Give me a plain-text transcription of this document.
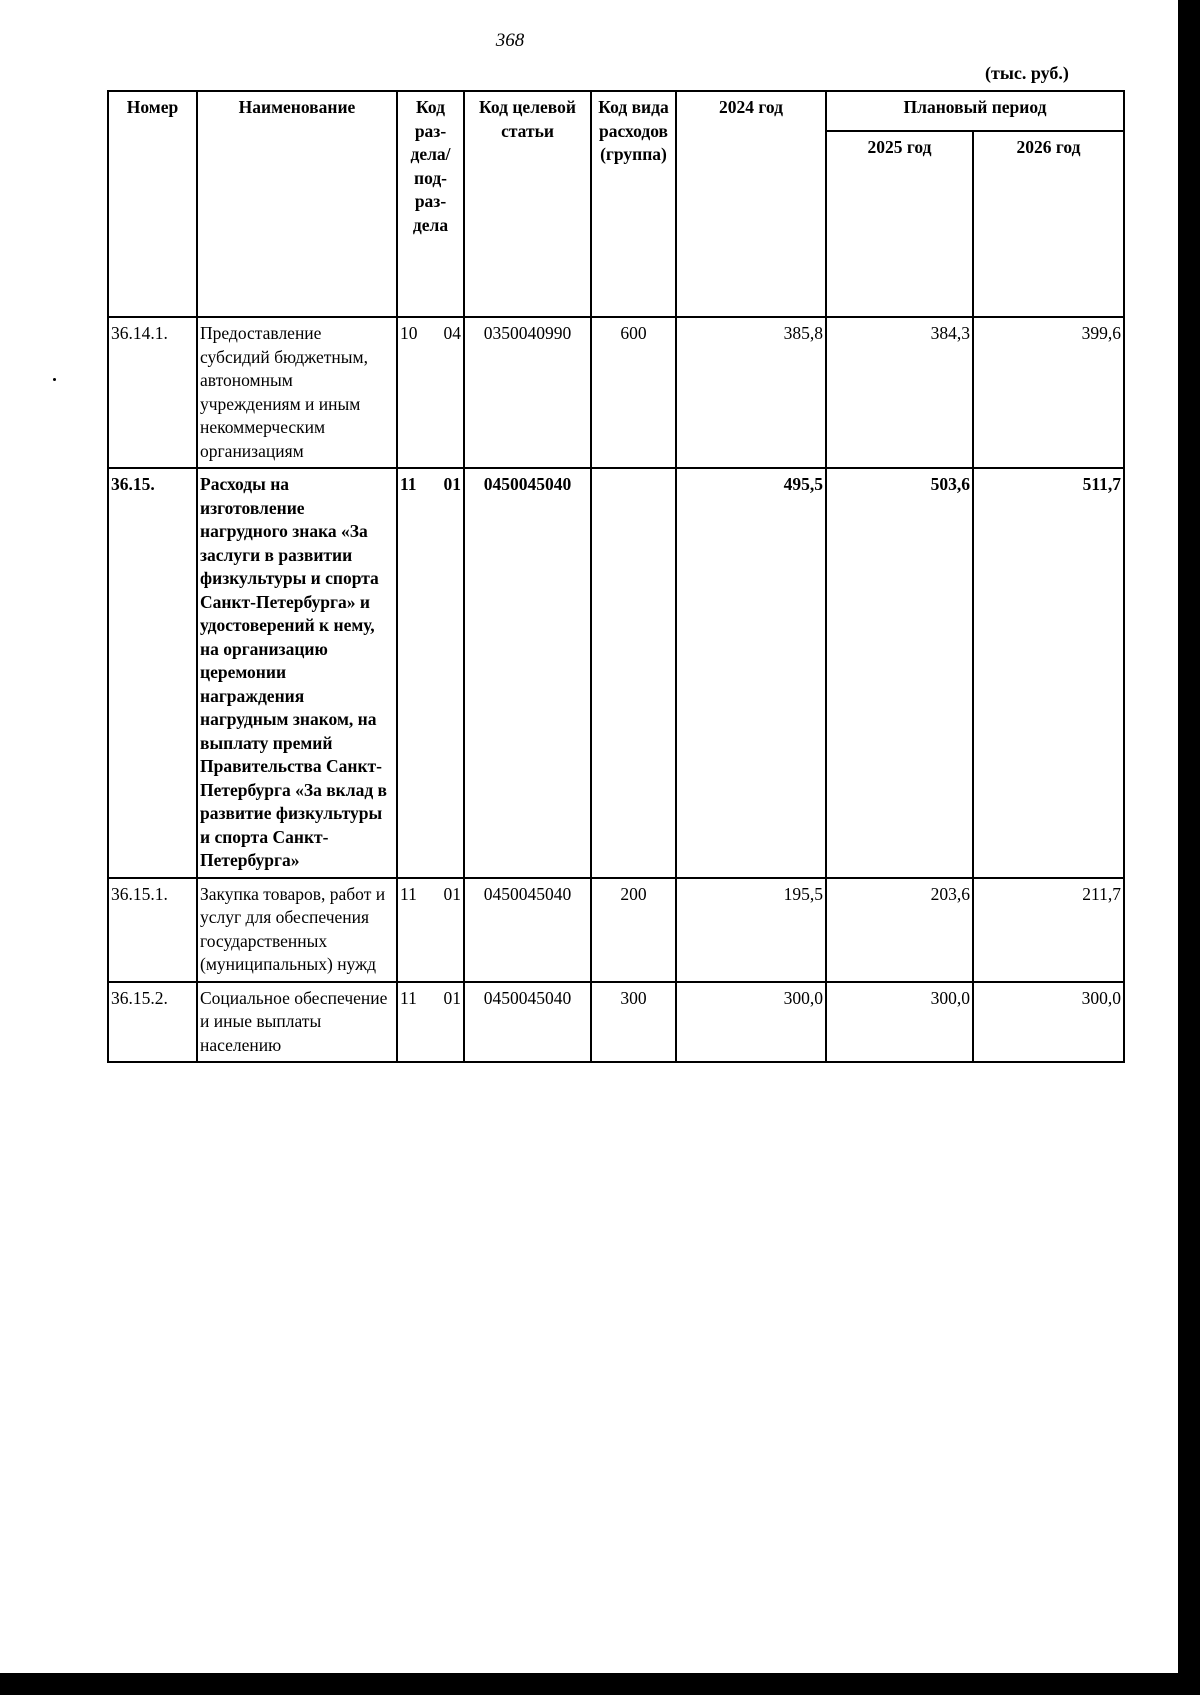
368
(тыс. руб.)
Номер	Наименование	Код раз-дела/ под-раз-дела	Код целевой статьи	Код вида расходов (группа)	2024 год	Плановый период	
						2025 год	2026 год
36.14.1.	Предоставление субсидий бюджетным, автономным учреждениям и иным некоммерческим организациям	10 04	0350040990	600	385,8	384,3	399,6
36.15.	Расходы на изготовление нагрудного знака «За заслуги в развитии физкультуры и спорта Санкт-Петербурга» и удостоверений к нему, на организацию церемонии награждения нагрудным знаком, на выплату премий Правительства Санкт-Петербурга «За вклад в развитие физкультуры и спорта Санкт-Петербурга»	11 01	0450045040		495,5	503,6	511,7
36.15.1.	Закупка товаров, работ и услуг для обеспечения государственных (муниципальных) нужд	11 01	0450045040	200	195,5	203,6	211,7
36.15.2.	Социальное обеспечение и иные выплаты населению	11 01	0450045040	300	300,0	300,0	300,0
